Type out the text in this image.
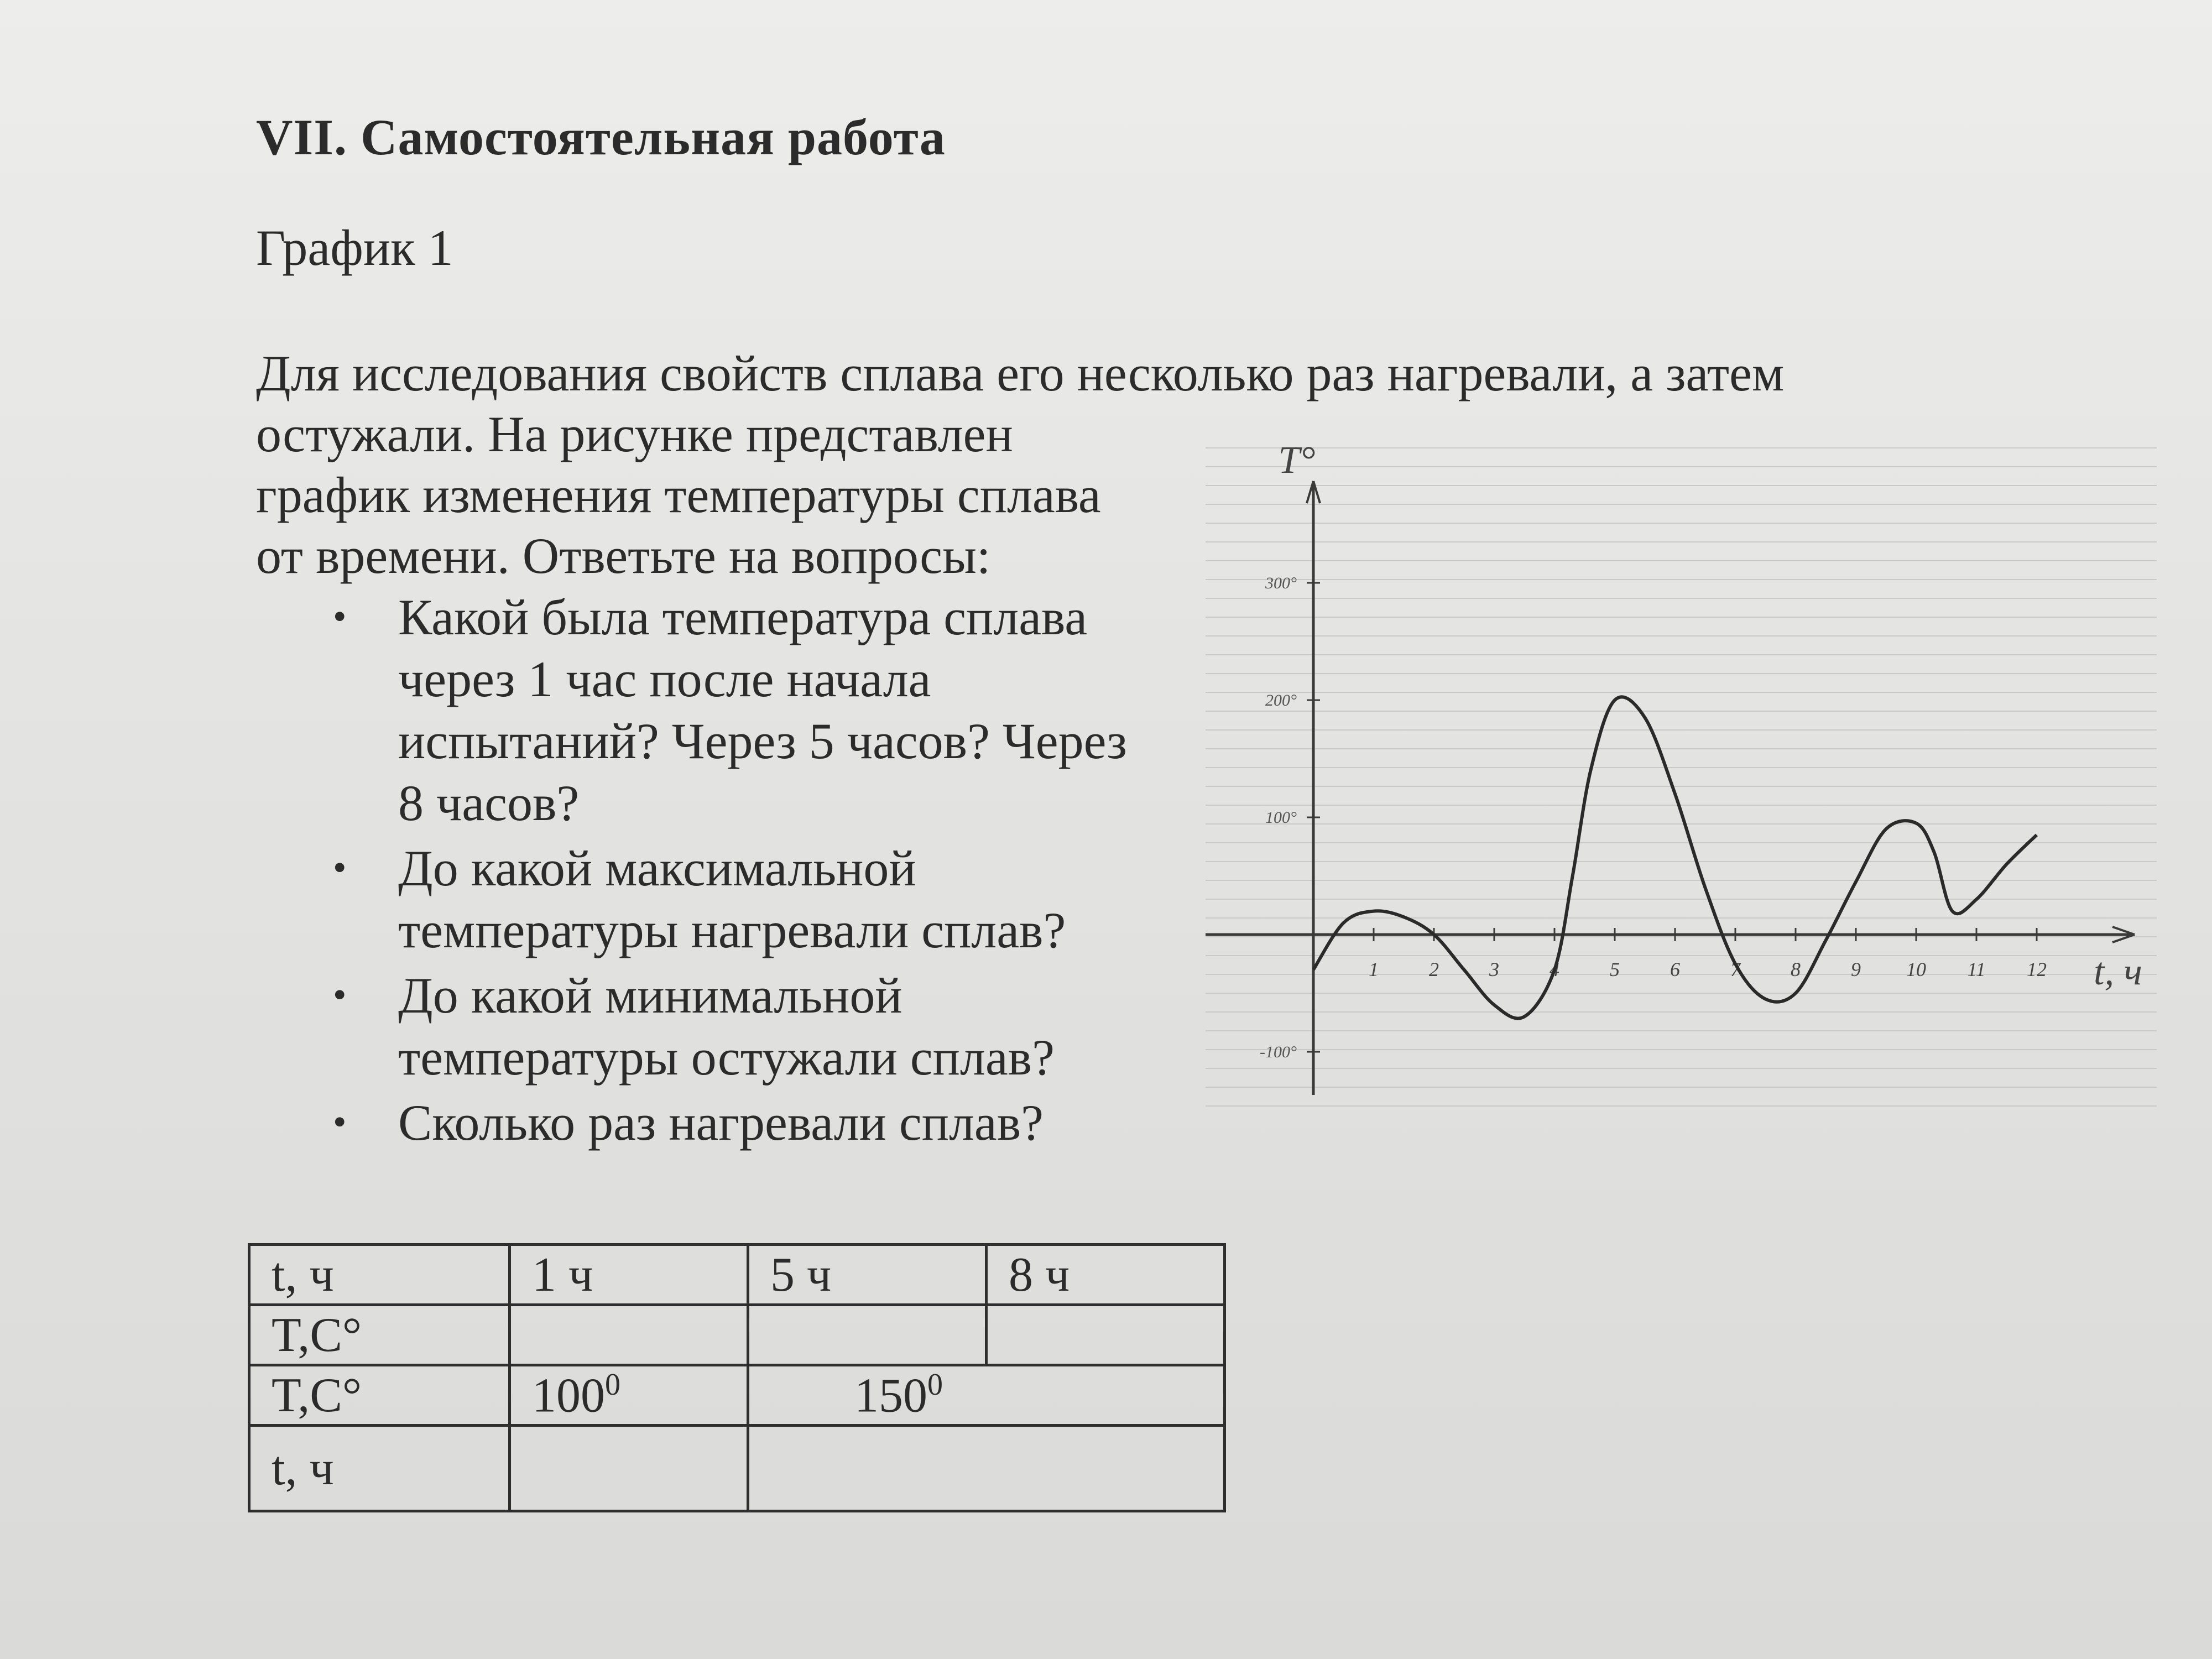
VII. Самостоятельная работа
График 1
Для исследования свойств сплава его несколько раз нагревали, а затем
остужали. На рисунке представлен
график изменения температуры сплава
от времени. Ответьте на вопросы:
• Какой была температура сплава
через 1 час после начала
испытаний? Через 5 часов? Через
8 часов?
• До какой максимальной
температуры нагревали сплав?
• До какой минимальной
температуры остужали сплав?
• Сколько раз нагревали сплав?
1	2	3	4	5	6	7	8	9 10 11 12
300°
200°
100°
-100°
T°
t, ч
t, ч	1 ч	5 ч	8 ч
T,C°			
T,C°	$100^0$	$150^0$
t, ч			
